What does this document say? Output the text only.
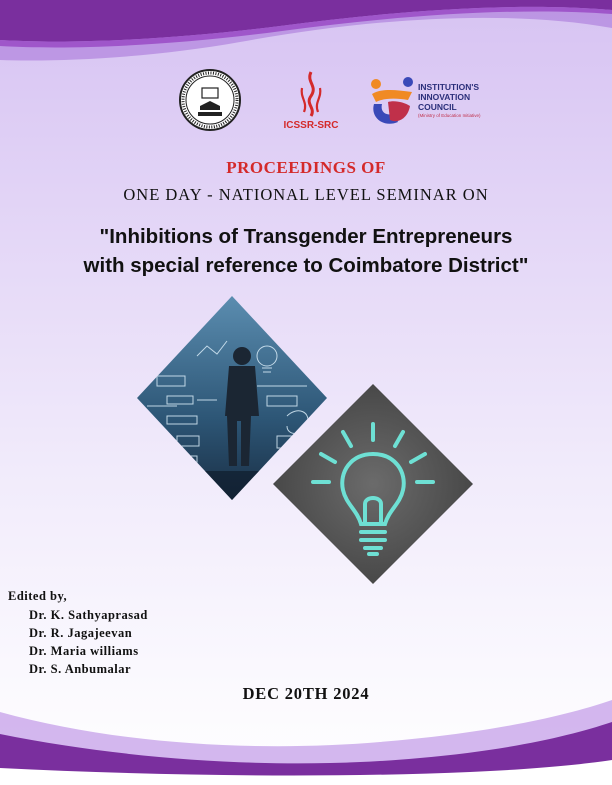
ICSSR-SRC
INSTITUTION'S
INNOVATION
COUNCIL
(Ministry of Education Initiative)
PROCEEDINGS OF
ONE DAY - NATIONAL LEVEL SEMINAR ON
"Inhibitions of Transgender Entrepreneurs
with special reference to Coimbatore District"
Edited by,
Dr. K. Sathyaprasad
Dr. R. Jagajeevan
Dr. Maria williams
Dr. S. Anbumalar
DEC 20TH 2024
